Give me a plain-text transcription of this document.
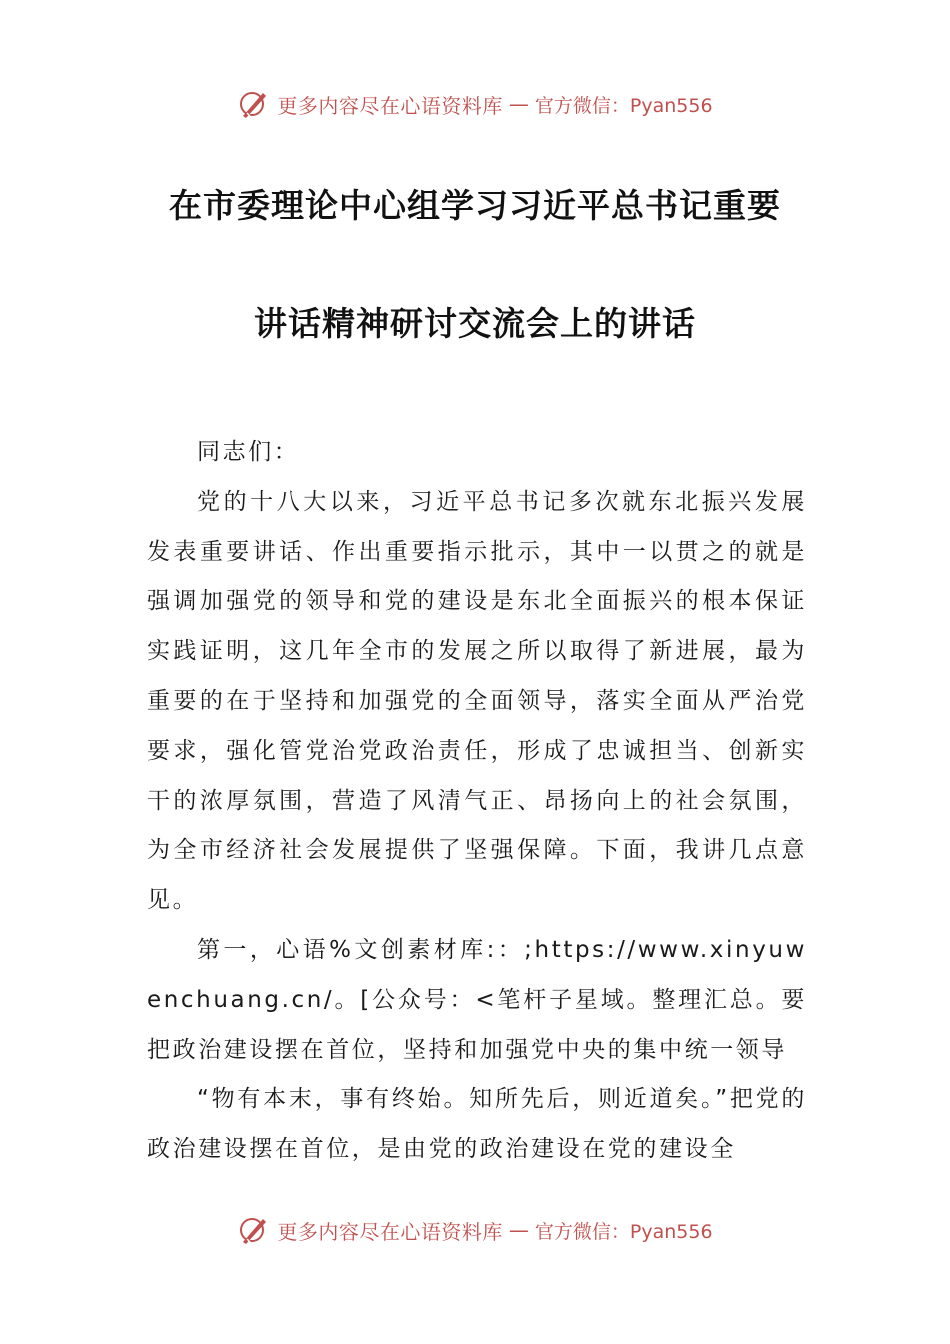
更多内容尽在心语资料库 — 官方微信：Pyan556
在市委理论中心组学习习近平总书记重要
讲话精神研讨交流会上的讲话

同志们：

党的十八大以来，习近平总书记多次就东北振兴发展发表重要讲话、作出重要指示批示，其中一以贯之的就是强调加强党的领导和党的建设是东北全面振兴的根本保证实践证明，这几年全市的发展之所以取得了新进展，最为重要的在于坚持和加强党的全面领导，落实全面从严治党要求，强化管党治党政治责任，形成了忠诚担当、创新实干的浓厚氛围，营造了风清气正、昂扬向上的社会氛围，为全市经济社会发展提供了坚强保障。下面，我讲几点意见。

第一，心语%文创素材库:：;https://www.xinyuwenchuang.cn/。[公众号：<笔杆子星域。整理汇总。要把政治建设摆在首位，坚持和加强党中央的集中统一领导

“物有本末，事有终始。知所先后，则近道矣。”把党的政治建设摆在首位，是由党的政治建设在党的建设全

更多内容尽在心语资料库 — 官方微信：Pyan556
